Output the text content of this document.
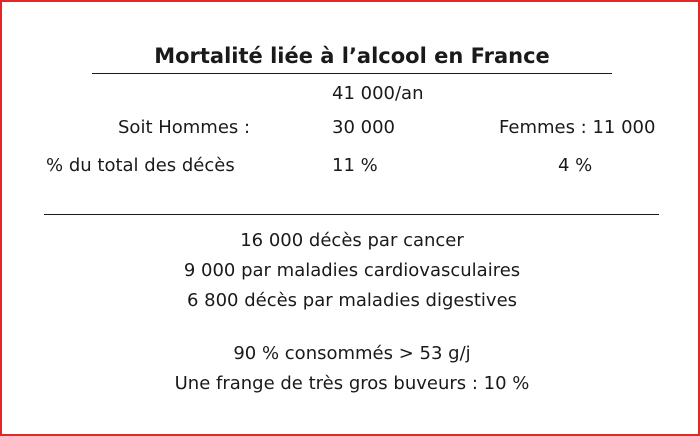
Mortalité liée à l’alcool en France
41 000/an
Soit Hommes :	30 000	Femmes : 11 000
% du total des décès	11 %	4 %
16 000 décès par cancer
9 000 par maladies cardiovasculaires
6 800 décès par maladies digestives
90 % consommés > 53 g/j
Une frange de très gros buveurs : 10 %
